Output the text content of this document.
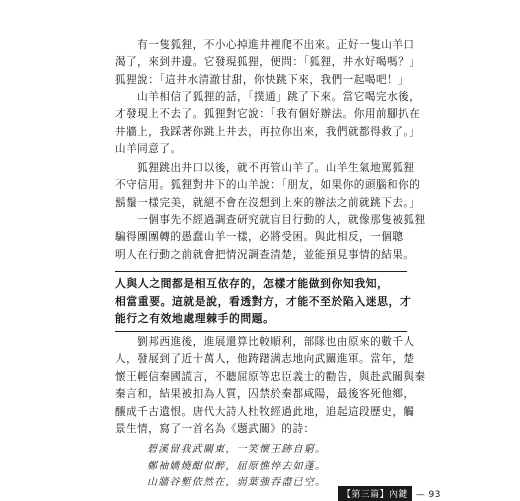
　　有一隻狐狸，不小心掉進井裡爬不出來。正好一隻山羊口
渴了，來到井邊。它發現狐狸，便問：「狐狸，井水好喝嗎？」
狐狸說：「這井水清澈甘甜，你快跳下來，我們一起喝吧！」
　　山羊相信了狐狸的話，「撲通」跳了下來。當它喝完水後，
才發現上不去了。狐狸對它說：「我有個好辦法。你用前腳扒在
井牆上，我踩著你跳上井去，再拉你出來，我們就都得救了。」
山羊同意了。
　　狐狸跳出井口以後，就不再管山羊了。山羊生氣地罵狐狸
不守信用。狐狸對井下的山羊說：「朋友，如果你的頭腦和你的
鬍鬚一樣完美，就絕不會在沒想到上來的辦法之前就跳下去。」
　　一個事先不經過調查研究就盲目行動的人，就像那隻被狐狸
騙得團團轉的愚蠢山羊一樣，必將受困。與此相反，一個聰
明人在行動之前就會把情況調查清楚，並能預見事情的結果。
人與人之間都是相互依存的，怎樣才能做到你知我知，
相當重要。這就是說，看透對方，才能不至於陷入迷思，才
能行之有效地處理棘手的問題。
　　劉邦西進後，進展還算比較順利，部隊也由原來的數千人
人，發展到了近十萬人，他踌躇满志地向武關進軍。當年，楚
懷王輕信秦國謊言，不聽屈原等忠臣義士的勸告，與赴武關與秦
秦言和，結果被扣為人質，囚禁於秦都咸陽，最後客死他鄉，
釀成千古遺恨。唐代大詩人杜牧經過此地，追起這段歷史，觸
景生情，寫了一首名為《題武關》的詩：
碧溪留我武關東，一笑懷王跡自窮。
鄭袖嬌燒酣似醉，屈原憔悴去如蓬。
山牆谷塹依然在，弱葉強吞盡已空。
【第三篇】內鍵 — 93
